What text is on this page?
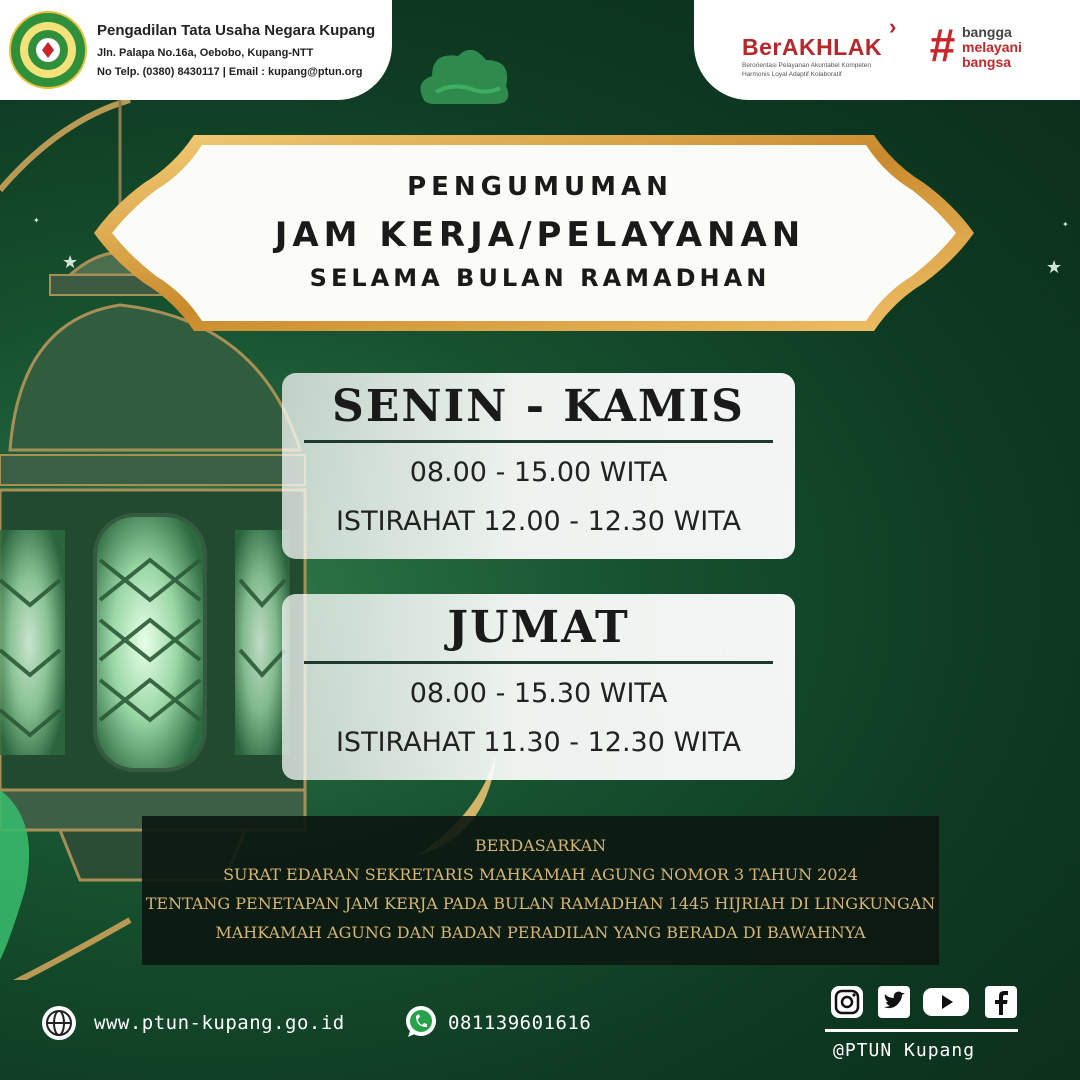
★	★
✦
✦
Pengadilan Tata Usaha Negara Kupang
Jln. Palapa No.16a, Oebobo, Kupang-NTT
No Telp. (0380) 8430117 | Email : kupang@ptun.org
BerAKHLAK
›
Berorientasi Pelayanan Akuntabel Kompeten
Harmonis Loyal Adaptif Kolaboratif
# bangga
melayani
bangsa
PENGUMUMAN
JAM KERJA/PELAYANAN
SELAMA BULAN RAMADHAN
SENIN - KAMIS
08.00 - 15.00 WITA
ISTIRAHAT 12.00 - 12.30 WITA
JUMAT
08.00 - 15.30 WITA
ISTIRAHAT 11.30 - 12.30 WITA
BERDASARKAN
SURAT EDARAN SEKRETARIS MAHKAMAH AGUNG NOMOR 3 TAHUN 2024
TENTANG PENETAPAN JAM KERJA PADA BULAN RAMADHAN 1445 HIJRIAH DI LINGKUNGAN
MAHKAMAH AGUNG DAN BADAN PERADILAN YANG BERADA DI BAWAHNYA
www.ptun-kupang.go.id	081139601616
@PTUN Kupang
